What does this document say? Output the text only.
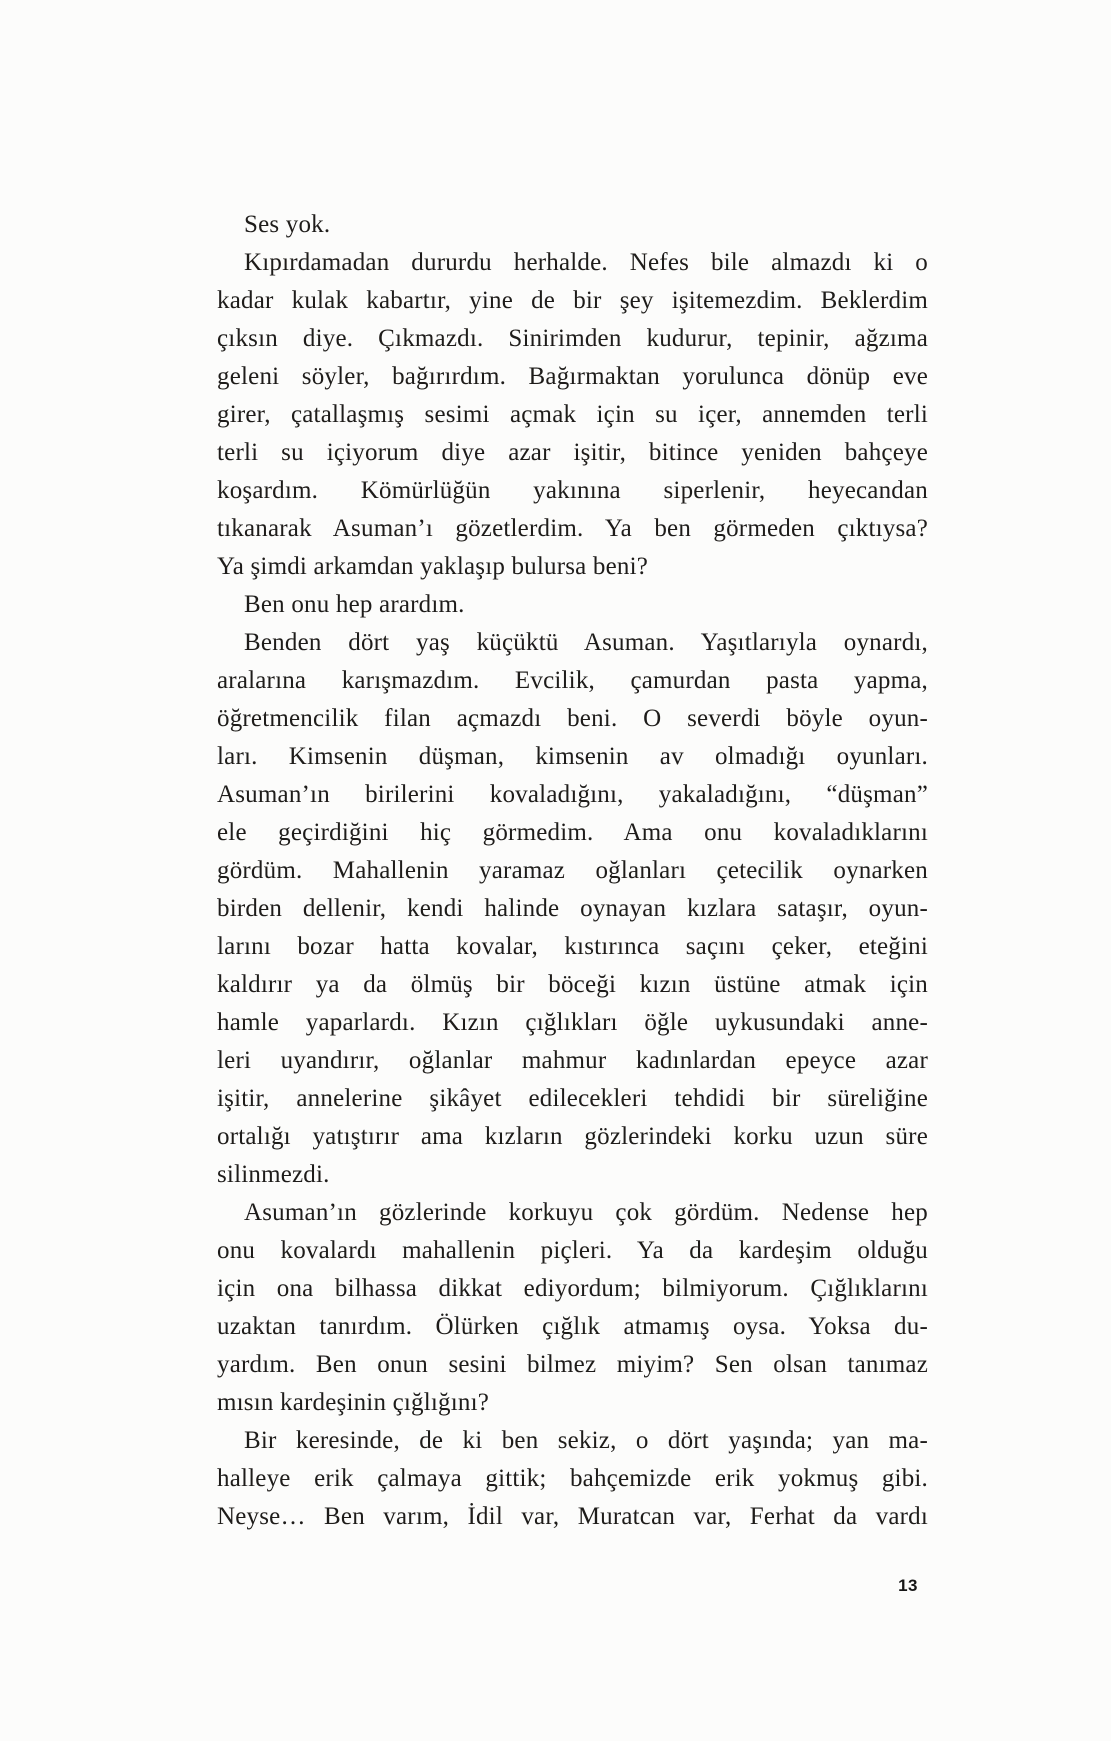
Ses yok.
Kıpırdamadan dururdu herhalde. Nefes bile almazdı ki o
kadar kulak kabartır, yine de bir şey işitemezdim. Beklerdim
çıksın diye. Çıkmazdı. Sinirimden kudurur, tepinir, ağzıma
geleni söyler, bağırırdım. Bağırmaktan yorulunca dönüp eve
girer, çatallaşmış sesimi açmak için su içer, annemden terli
terli su içiyorum diye azar işitir, bitince yeniden bahçeye
koşardım. Kömürlüğün yakınına siperlenir, heyecandan
tıkanarak Asuman’ı gözetlerdim. Ya ben görmeden çıktıysa?
Ya şimdi arkamdan yaklaşıp bulursa beni?
Ben onu hep arardım.
Benden dört yaş küçüktü Asuman. Yaşıtlarıyla oynardı,
aralarına karışmazdım. Evcilik, çamurdan pasta yapma,
öğretmencilik filan açmazdı beni. O severdi böyle oyun-
ları. Kimsenin düşman, kimsenin av olmadığı oyunları.
Asuman’ın birilerini kovaladığını, yakaladığını, “düşman”
ele geçirdiğini hiç görmedim. Ama onu kovaladıklarını
gördüm. Mahallenin yaramaz oğlanları çetecilik oynarken
birden dellenir, kendi halinde oynayan kızlara sataşır, oyun-
larını bozar hatta kovalar, kıstırınca saçını çeker, eteğini
kaldırır ya da ölmüş bir böceği kızın üstüne atmak için
hamle yaparlardı. Kızın çığlıkları öğle uykusundaki anne-
leri uyandırır, oğlanlar mahmur kadınlardan epeyce azar
işitir, annelerine şikâyet edilecekleri tehdidi bir süreliğine
ortalığı yatıştırır ama kızların gözlerindeki korku uzun süre
silinmezdi.
Asuman’ın gözlerinde korkuyu çok gördüm. Nedense hep
onu kovalardı mahallenin piçleri. Ya da kardeşim olduğu
için ona bilhassa dikkat ediyordum; bilmiyorum. Çığlıklarını
uzaktan tanırdım. Ölürken çığlık atmamış oysa. Yoksa du-
yardım. Ben onun sesini bilmez miyim? Sen olsan tanımaz
mısın kardeşinin çığlığını?
Bir keresinde, de ki ben sekiz, o dört yaşında; yan ma-
halleye erik çalmaya gittik; bahçemizde erik yokmuş gibi.
Neyse… Ben varım, İdil var, Muratcan var, Ferhat da vardı
13
